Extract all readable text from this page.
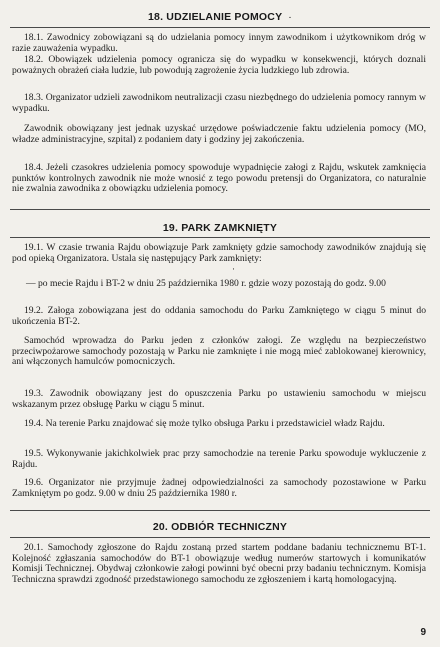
18. UDZIELANIE POMOCY ·
18.1. Zawodnicy zobowiązani są do udzielania pomocy innym zawodnikom i użytkownikom dróg w razie zauważenia wypadku.
18.2. Obowiązek udzielenia pomocy ogranicza się do wypadku w konsekwencji, których doznali poważnych obrażeń ciała ludzie, lub powodują zagrożenie życia ludzkiego lub zdrowia.
18.3. Organizator udzieli zawodnikom neutralizacji czasu niezbędnego do udzielenia pomocy rannym w wypadku.
Zawodnik obowiązany jest jednak uzyskać urzędowe poświadczenie faktu udzielenia pomocy (MO, władze administracyjne, szpital) z podaniem daty i godziny jej zakończenia.
18.4. Jeżeli czasokres udzielenia pomocy spowoduje wypadnięcie załogi z Rajdu, wskutek zamknięcia punktów kontrolnych zawodnik nie może wnosić z tego powodu pretensji do Organizatora, co naturalnie nie zwalnia zawodnika z obowiązku udzielenia pomocy.
19. PARK ZAMKNIĘTY
19.1. W czasie trwania Rajdu obowiązuje Park zamknięty gdzie samochody zawodników znajdują się pod opieką Organizatora. Ustala się następujący Park zamknięty:
·
— po mecie Rajdu i BT-2 w dniu 25 października 1980 r. gdzie wozy pozostają do godz. 9.00
19.2. Załoga zobowiązana jest do oddania samochodu do Parku Zamkniętego w ciągu 5 minut do ukończenia BT-2.
Samochód wprowadza do Parku jeden z członków załogi. Ze względu na bezpieczeństwo przeciwpożarowe samochody pozostają w Parku nie zamknięte i nie mogą mieć zablokowanej kierownicy, ani włączonych hamulców pomocniczych.
19.3. Zawodnik obowiązany jest do opuszczenia Parku po ustawieniu samochodu w miejscu wskazanym przez obsługę Parku w ciągu 5 minut.
19.4. Na terenie Parku znajdować się może tylko obsługa Parku i przedstawiciel władz Rajdu.
19.5. Wykonywanie jakichkolwiek prac przy samochodzie na terenie Parku spowoduje wykluczenie z Rajdu.
19.6. Organizator nie przyjmuje żadnej odpowiedzialności za samochody pozostawione w Parku Zamkniętym po godz. 9.00 w dniu 25 października 1980 r.
20. ODBIÓR TECHNICZNY
20.1. Samochody zgłoszone do Rajdu zostaną przed startem poddane badaniu technicznemu BT-1. Kolejność zgłaszania samochodów do BT-1 obowiązuje według numerów startowych i komunikatów Komisji Technicznej. Obydwaj członkowie załogi powinni być obecni przy badaniu technicznym. Komisja Techniczna sprawdzi zgodność przedstawionego samochodu ze zgłoszeniem i kartą homologacyjną.
9
